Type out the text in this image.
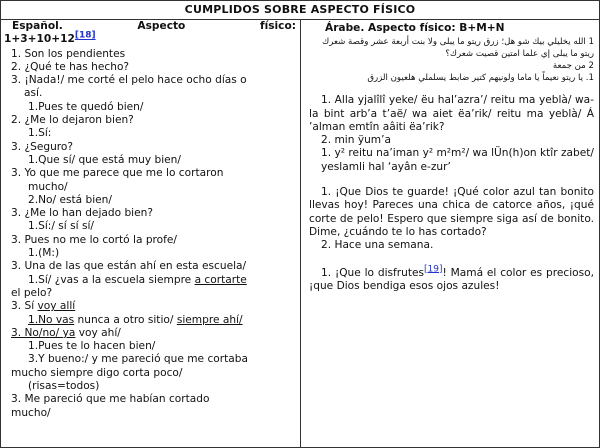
CUMPLIDOS SOBRE ASPECTO FÍSICO
Español.	Aspecto	físico:
1+3+10+12[18]
1. Son los pendientes
2. ¿Qué te has hecho?
3. ¡Nada!/ me corté el pelo hace ocho días o
así.
1.Pues te quedó bien/
2. ¿Me lo dejaron bien?
1.Sí:
3. ¿Seguro?
1.Que sí/ que está muy bien/
3. Yo que me parece que me lo cortaron
mucho/
2.No/ está bien/
3. ¿Me lo han dejado bien?
1.Sí:/ sí sí sí/
3. Pues no me lo cortó la profe/
1.(M:)
3. Una de las que están ahí en esta escuela/
1.Sí/ ¿vas a la escuela siempre a cortarte
el pelo?
3. Sí voy allí
1.No vas nunca a otro sitio/ siempre ahí/
3. No/no/ ya voy ahí/
1.Pues te lo hacen bien/
3.Y bueno:/ y me pareció que me cortaba
mucho siempre digo corta poco/
(risas=todos)
3. Me pareció que me habían cortado
mucho/
Árabe. Aspecto físico: B+M+N
1 الله يخليلي بيك شو هل؛ زرق ريتو ما يبلى ولا بنت أربعة عشر وقصة شعرك ريتو ما يبلى إي علما امتين قصيت شعرك؟
2 من جمعة
1. يا ريتو نعيماً يا ماما ولونيهم كتير ضابط يسلملي هلعيون الزرق
1. Alla yjalîlî yeke/ ëu hal’azra’/ reitu ma yeblà/ wa-la bint arb’a t’aë/ wa aiet ëa’rik/ reitu ma yeblà/ Á ’alman emtîn aâiti ëa’rik?
2. min ÿum’a
1. y² reitu na’iman y² m²m²/ wa lÜn(h)on ktîr zabet/ yeslamli hal ‘ayân e-zur’
1. ¡Que Dios te guarde! ¡Qué color azul tan bonito llevas hoy! Pareces una chica de catorce años, ¡qué corte de pelo! Espero que siempre siga así de bonito. Dime, ¿cuándo te lo has cortado?
2. Hace una semana.
1. ¡Que lo disfrutes[19]! Mamá el color es precioso, ¡que Dios bendiga esos ojos azules!
